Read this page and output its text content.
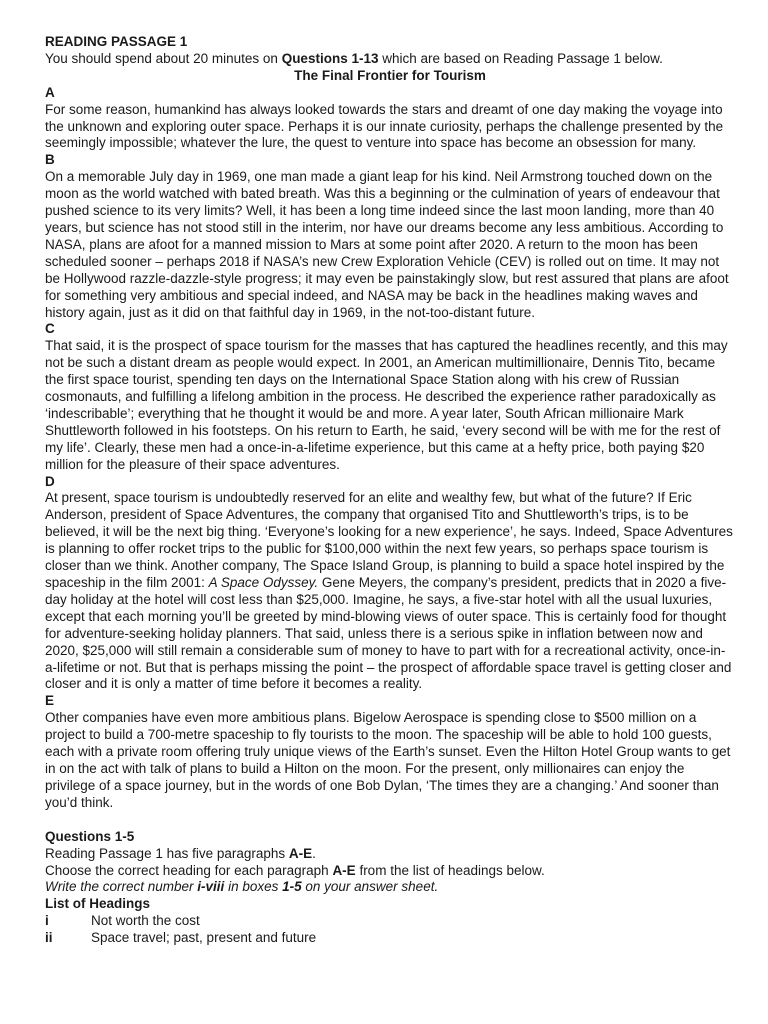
READING PASSAGE 1

You should spend about 20 minutes on Questions 1-13 which are based on Reading Passage 1 below.

The Final Frontier for Tourism

A

For some reason, humankind has always looked towards the stars and dreamt of one day making the voyage into the unknown and exploring outer space. Perhaps it is our innate curiosity, perhaps the challenge presented by the seemingly impossible; whatever the lure, the quest to venture into space has become an obsession for many.

B

On a memorable July day in 1969, one man made a giant leap for his kind. Neil Armstrong touched down on the moon as the world watched with bated breath. Was this a beginning or the culmination of years of endeavour that pushed science to its very limits? Well, it has been a long time indeed since the last moon landing, more than 40 years, but science has not stood still in the interim, nor have our dreams become any less ambitious. According to NASA, plans are afoot for a manned mission to Mars at some point after 2020. A return to the moon has been scheduled sooner – perhaps 2018 if NASA’s new Crew Exploration Vehicle (CEV) is rolled out on time. It may not be Hollywood razzle-dazzle-style progress; it may even be painstakingly slow, but rest assured that plans are afoot for something very ambitious and special indeed, and NASA may be back in the headlines making waves and history again, just as it did on that faithful day in 1969, in the not-too-distant future.

C

That said, it is the prospect of space tourism for the masses that has captured the headlines recently, and this may not be such a distant dream as people would expect. In 2001, an American multimillionaire, Dennis Tito, became the first space tourist, spending ten days on the International Space Station along with his crew of Russian cosmonauts, and fulfilling a lifelong ambition in the process. He described the experience rather paradoxically as ‘indescribable’; everything that he thought it would be and more. A year later, South African millionaire Mark Shuttleworth followed in his footsteps. On his return to Earth, he said, ‘every second will be with me for the rest of my life’. Clearly, these men had a once-in-a-lifetime experience, but this came at a hefty price, both paying $20 million for the pleasure of their space adventures.

D

At present, space tourism is undoubtedly reserved for an elite and wealthy few, but what of the future? If Eric Anderson, president of Space Adventures, the company that organised Tito and Shuttleworth’s trips, is to be believed, it will be the next big thing. ‘Everyone’s looking for a new experience’, he says. Indeed, Space Adventures is planning to offer rocket trips to the public for $100,000 within the next few years, so perhaps space tourism is closer than we think. Another company, The Space Island Group, is planning to build a space hotel inspired by the spaceship in the film 2001: A Space Odyssey. Gene Meyers, the company’s president, predicts that in 2020 a five-day holiday at the hotel will cost less than $25,000. Imagine, he says, a five-star hotel with all the usual luxuries, except that each morning you’ll be greeted by mind-blowing views of outer space. This is certainly food for thought for adventure-seeking holiday planners. That said, unless there is a serious spike in inflation between now and 2020, $25,000 will still remain a considerable sum of money to have to part with for a recreational activity, once-in-a-lifetime or not. But that is perhaps missing the point – the prospect of affordable space travel is getting closer and closer and it is only a matter of time before it becomes a reality.

E

Other companies have even more ambitious plans. Bigelow Aerospace is spending close to $500 million on a project to build a 700-metre spaceship to fly tourists to the moon. The spaceship will be able to hold 100 guests, each with a private room offering truly unique views of the Earth’s sunset. Even the Hilton Hotel Group wants to get in on the act with talk of plans to build a Hilton on the moon. For the present, only millionaires can enjoy the privilege of a space journey, but in the words of one Bob Dylan, ‘The times they are a changing.’ And sooner than you’d think.

Questions 1-5

Reading Passage 1 has five paragraphs A-E.

Choose the correct heading for each paragraph A-E from the list of headings below.

Write the correct number i-viii in boxes 1-5 on your answer sheet.

List of Headings

i	Not worth the cost
ii	Space travel; past, present and future
